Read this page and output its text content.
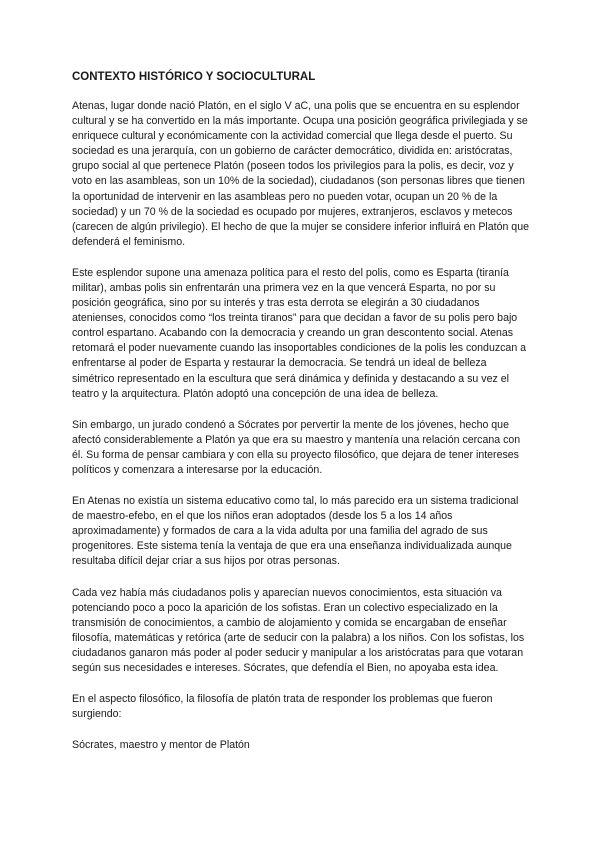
CONTEXTO HISTÓRICO Y SOCIOCULTURAL

Atenas, lugar donde nació Platón, en el siglo V aC, una polis que se encuentra en su esplendor cultural y se ha convertido en la más importante. Ocupa una posición geográfica privilegiada y se enriquece cultural y económicamente con la actividad comercial que llega desde el puerto. Su sociedad es una jerarquía, con un gobierno de carácter democrático, dividida en: aristócratas, grupo social al que pertenece Platón (poseen todos los privilegios para la polis, es decir, voz y voto en las asambleas, son un 10% de la sociedad), ciudadanos (son personas libres que tienen la oportunidad de intervenir en las asambleas pero no pueden votar, ocupan un 20 % de la sociedad) y un 70 % de la sociedad es ocupado por mujeres, extranjeros, esclavos y metecos (carecen de algún privilegio). El hecho de que la mujer se considere inferior influirá en Platón que defenderá el feminismo.

Este esplendor supone una amenaza política para el resto del polis, como es Esparta (tiranía militar), ambas polis sin enfrentarán una primera vez en la que vencerá Esparta, no por su posición geográfica, sino por su interés y tras esta derrota se elegirán a 30 ciudadanos atenienses, conocidos como “los treinta tiranos” para que decidan a favor de su polis pero bajo control espartano. Acabando con la democracia y creando un gran descontento social. Atenas retomará el poder nuevamente cuando las insoportables condiciones de la polis les conduzcan a enfrentarse al poder de Esparta y restaurar la democracia. Se tendrá un ideal de belleza simétrico representado en la escultura que será dinámica y definida y destacando a su vez el teatro y la arquitectura. Platón adoptó una concepción de una idea de belleza.

Sin embargo, un jurado condenó a Sócrates por pervertir la mente de los jóvenes, hecho que afectó considerablemente a Platón ya que era su maestro y mantenía una relación cercana con él. Su forma de pensar cambiara y con ella su proyecto filosófico, que dejara de tener intereses políticos y comenzara a interesarse por la educación.

En Atenas no existía un sistema educativo como tal, lo más parecido era un sistema tradicional de maestro-efebo, en el que los niños eran adoptados (desde los 5 a los 14 años aproximadamente) y formados de cara a la vida adulta por una familia del agrado de sus progenitores. Este sistema tenía la ventaja de que era una enseñanza individualizada aunque resultaba difícil dejar criar a sus hijos por otras personas.

Cada vez había más ciudadanos polis y aparecían nuevos conocimientos, esta situación va potenciando poco a poco la aparición de los sofistas. Eran un colectivo especializado en la transmisión de conocimientos, a cambio de alojamiento y comida se encargaban de enseñar filosofía, matemáticas y retórica (arte de seducir con la palabra) a los niños. Con los sofistas, los ciudadanos ganaron más poder al poder seducir y manipular a los aristócratas para que votaran según sus necesidades e intereses. Sócrates, que defendía el Bien, no apoyaba esta idea.

En el aspecto filosófico, la filosofía de platón trata de responder los problemas que fueron surgiendo:

Sócrates, maestro y mentor de Platón
